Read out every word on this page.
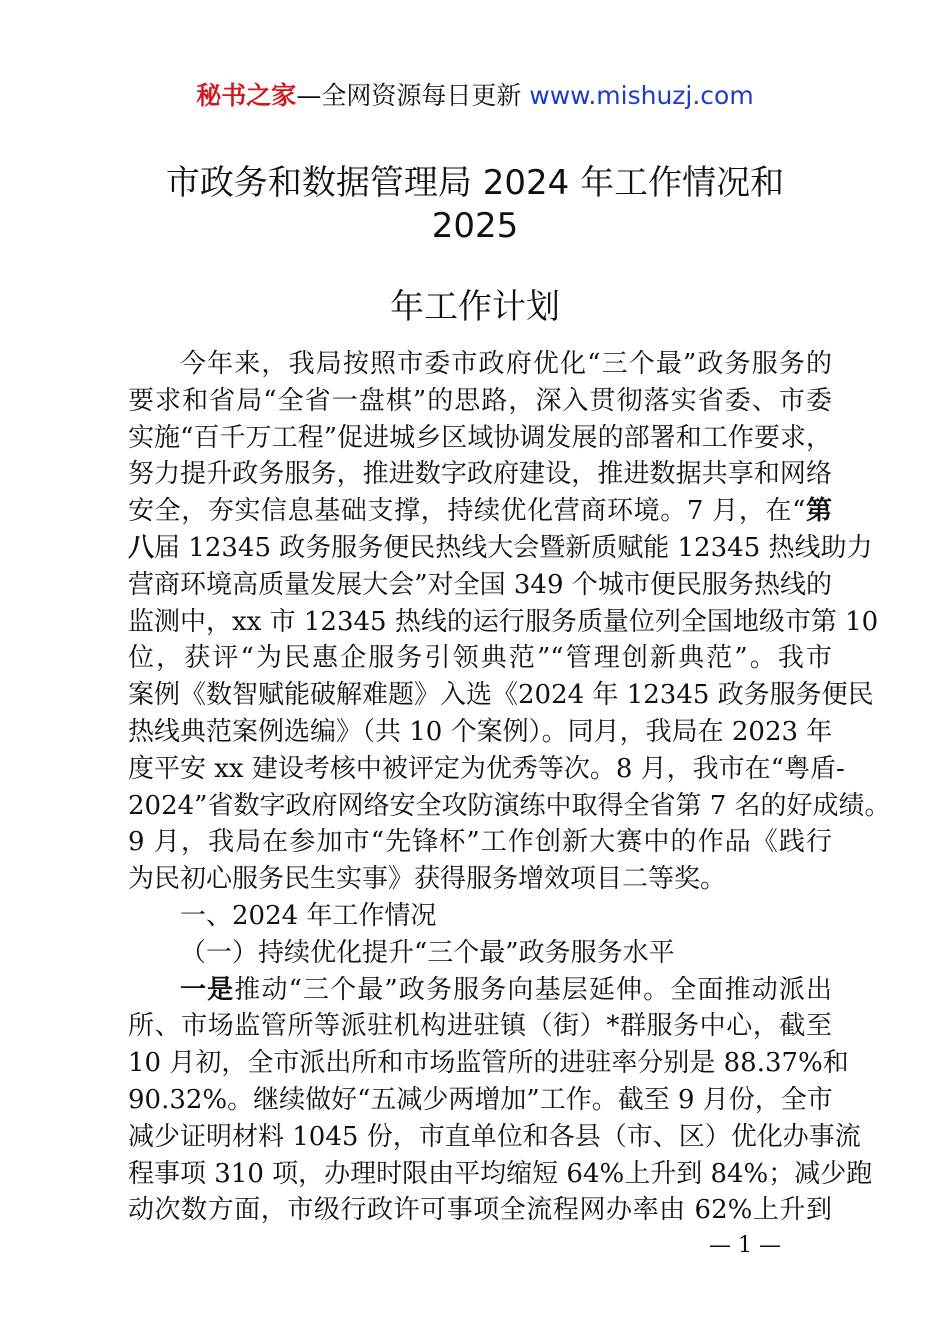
秘书之家—全网资源每日更新 www.mishuzj.com
市政务和数据管理局 2024 年工作情况和 2025
年工作计划
今年来，我局按照市委市政府优化“三个最”政务服务的
要求和省局“全省一盘棋”的思路，深入贯彻落实省委、市委
实施“百千万工程”促进城乡区域协调发展的部署和工作要求，
努力提升政务服务，推进数字政府建设，推进数据共享和网络
安全，夯实信息基础支撑，持续优化营商环境。7 月，在“第
八届 12345 政务服务便民热线大会暨新质赋能 12345 热线助力
营商环境高质量发展大会”对全国 349 个城市便民服务热线的
监测中，xx 市 12345 热线的运行服务质量位列全国地级市第 10
位，获评“为民惠企服务引领典范”“管理创新典范”。我市
案例《数智赋能破解难题》入选《2024 年 12345 政务服务便民
热线典范案例选编》（共 10 个案例）。同月，我局在 2023 年
度平安 xx 建设考核中被评定为优秀等次。8 月，我市在“粤盾-
2024”省数字政府网络安全攻防演练中取得全省第 7 名的好成绩。
9 月，我局在参加市“先锋杯”工作创新大赛中的作品《践行
为民初心服务民生实事》获得服务增效项目二等奖。
一、2024 年工作情况
（一）持续优化提升“三个最”政务服务水平
一是推动“三个最”政务服务向基层延伸。全面推动派出
所、市场监管所等派驻机构进驻镇（街）*群服务中心，截至
10 月初，全市派出所和市场监管所的进驻率分别是 88.37%和
90.32%。继续做好“五减少两增加”工作。截至 9 月份，全市
减少证明材料 1045 份，市直单位和各县（市、区）优化办事流
程事项 310 项，办理时限由平均缩短 64%上升到 84%；减少跑
动次数方面，市级行政许可事项全流程网办率由 62%上升到
— 1 —
